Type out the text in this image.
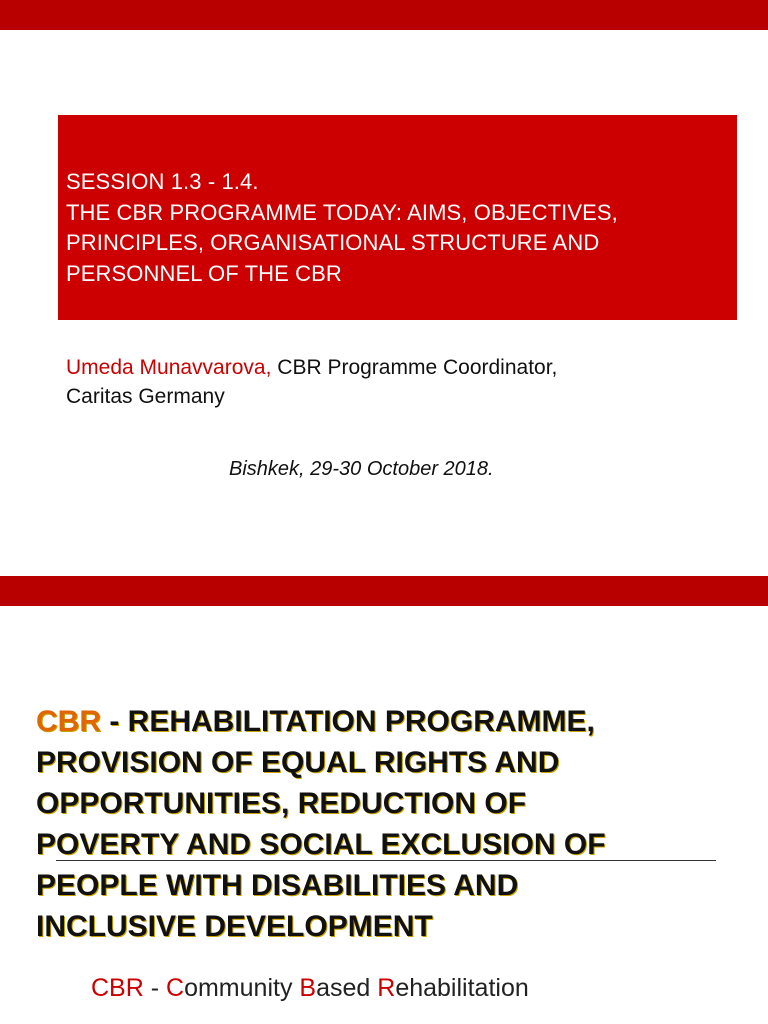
SESSION 1.3 - 1.4.
THE CBR PROGRAMME TODAY: AIMS, OBJECTIVES,
PRINCIPLES, ORGANISATIONAL STRUCTURE AND
PERSONNEL OF THE CBR
Umeda Munavvarova, CBR Programme Coordinator,
Caritas Germany
Bishkek, 29-30 October 2018.
CBR - REHABILITATION PROGRAMME,
PROVISION OF EQUAL RIGHTS AND
OPPORTUNITIES, REDUCTION OF
POVERTY AND SOCIAL EXCLUSION OF
PEOPLE WITH DISABILITIES AND
INCLUSIVE DEVELOPMENT
CBR - Community Based Rehabilitation
